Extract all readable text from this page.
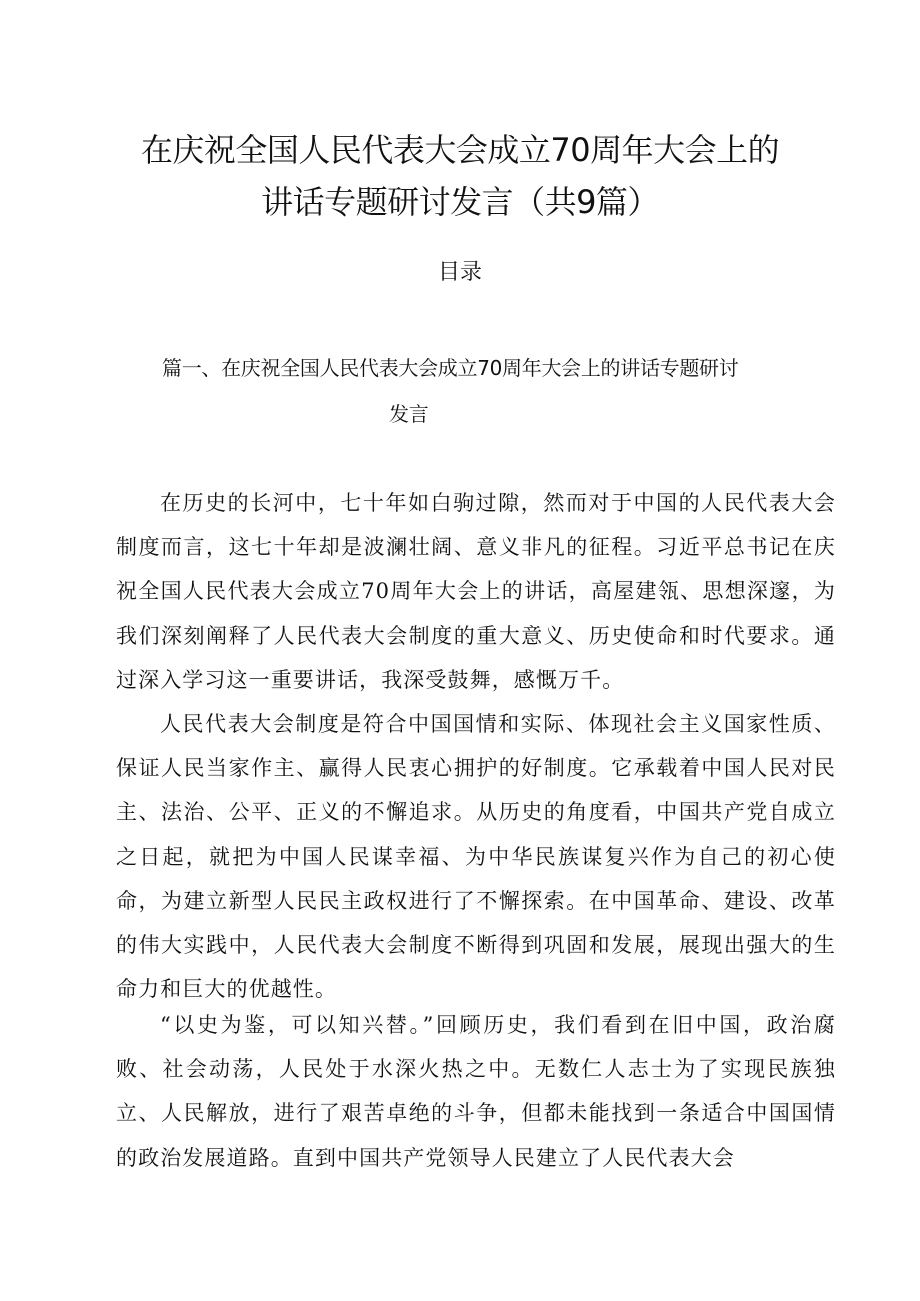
在庆祝全国人民代表大会成立70周年大会上的
讲话专题研讨发言（共9篇）
目录
篇一、在庆祝全国人民代表大会成立70周年大会上的讲话专题研讨
发言

在历史的长河中，七十年如白驹过隙，然而对于中国的人民代表大会制度而言，这七十年却是波澜壮阔、意义非凡的征程。习近平总书记在庆祝全国人民代表大会成立70周年大会上的讲话，高屋建瓴、思想深邃，为我们深刻阐释了人民代表大会制度的重大意义、历史使命和时代要求。通过深入学习这一重要讲话，我深受鼓舞，感慨万千。

人民代表大会制度是符合中国国情和实际、体现社会主义国家性质、保证人民当家作主、赢得人民衷心拥护的好制度。它承载着中国人民对民主、法治、公平、正义的不懈追求。从历史的角度看，中国共产党自成立之日起，就把为中国人民谋幸福、为中华民族谋复兴作为自己的初心使命，为建立新型人民民主政权进行了不懈探索。在中国革命、建设、改革的伟大实践中，人民代表大会制度不断得到巩固和发展，展现出强大的生命力和巨大的优越性。

“以史为鉴，可以知兴替。”回顾历史，我们看到在旧中国，政治腐败、社会动荡，人民处于水深火热之中。无数仁人志士为了实现民族独立、人民解放，进行了艰苦卓绝的斗争，但都未能找到一条适合中国国情的政治发展道路。直到中国共产党领导人民建立了人民代表大会
